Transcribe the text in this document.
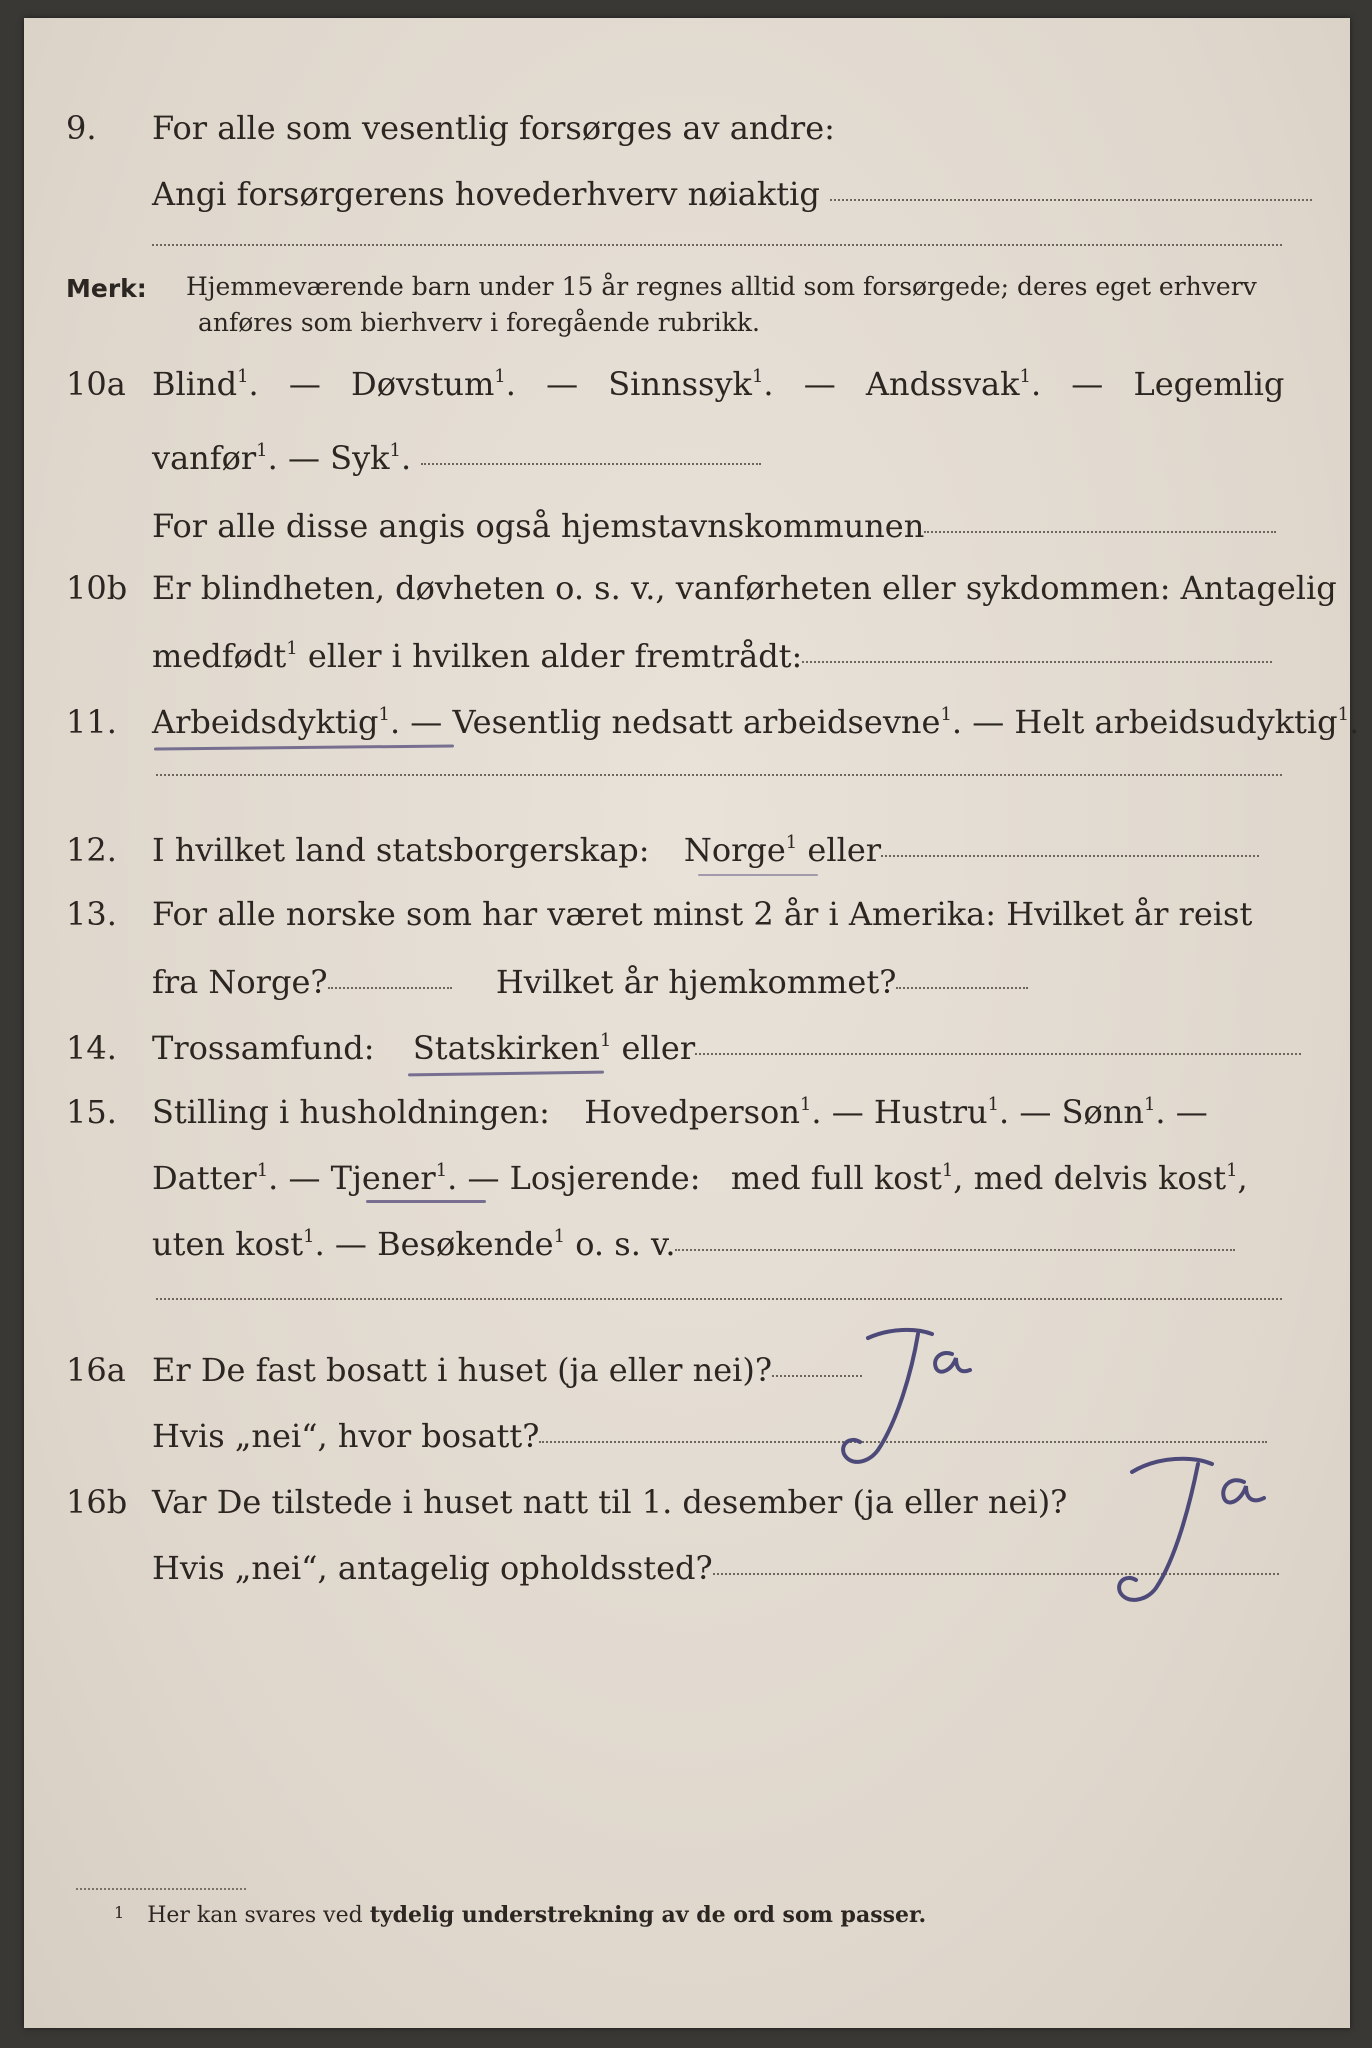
9. For alle som vesentlig forsørges av andre:
Angi forsørgerens hovederhverv nøiaktig
Merk: Hjemmeværende barn under 15 år regnes alltid som forsørgede; deres eget erhverv
anføres som bierhverv i foregående rubrikk.
10a Blind$^1$. — Døvstum$^1$. — Sinnssyk$^1$. — Andssvak$^1$. — Legemlig
vanfør$^1$. — Syk$^1$.
For alle disse angis også hjemstavnskommunen
10b Er blindheten, døvheten o. s. v., vanførheten eller sykdommen: Antagelig
medfødt$^1$ eller i hvilken alder fremtrådt:
11. Arbeidsdyktig$^1$. — Vesentlig nedsatt arbeidsevne$^1$. — Helt arbeidsudyktig$^1$.
12. I hvilket land statsborgerskap: Norge$^1$ eller
13. For alle norske som har været minst 2 år i Amerika: Hvilket år reist
fra Norge?	Hvilket år hjemkommet?
14. Trossamfund: Statskirken$^1$ eller
15. Stilling i husholdningen: Hovedperson$^1$. — Hustru$^1$. — Sønn$^1$. —
Datter$^1$. — Tjener$^1$. — Losjerende: med full kost$^1$, med delvis kost$^1$,
uten kost$^1$. — Besøkende$^1$ o. s. v.
16a Er De fast bosatt i huset (ja eller nei)?
Hvis „nei“, hvor bosatt?
Ja
16b Var De tilstede i huset natt til 1. desember (ja eller nei)?
Hvis „nei“, antagelig opholdssted?
Ja
1 Her kan svares ved tydelig understrekning av de ord som passer.
